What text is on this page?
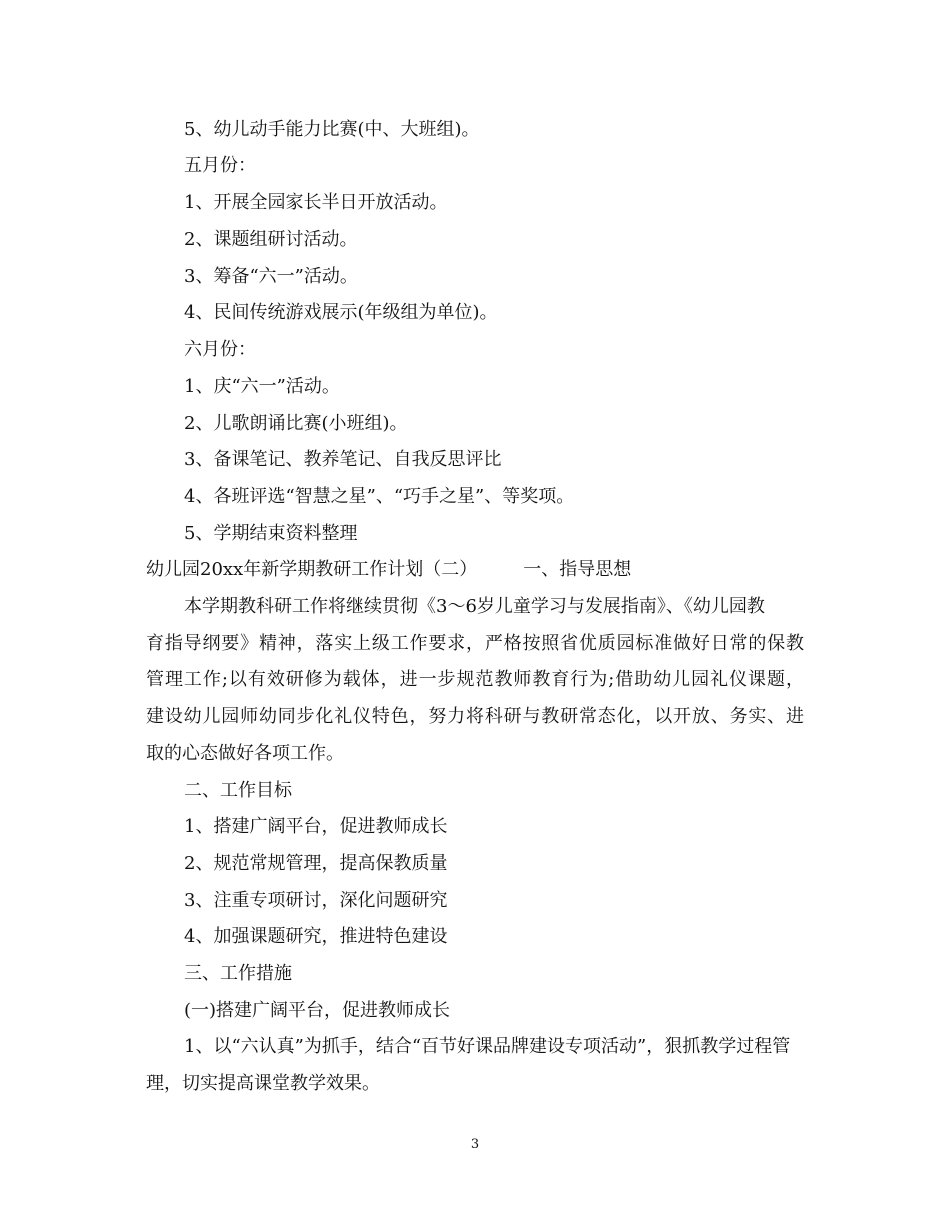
5、幼儿动手能力比赛(中、大班组)。

五月份：

1、开展全园家长半日开放活动。

2、课题组研讨活动。

3、筹备“六一”活动。

4、民间传统游戏展示(年级组为单位)。

六月份：

1、庆“六一”活动。

2、儿歌朗诵比赛(小班组)。

3、备课笔记、教养笔记、自我反思评比

4、各班评选“智慧之星”、“巧手之星”、等奖项。

5、学期结束资料整理

幼儿园20xx年新学期教研工作计划（二）	一、指导思想

本学期教科研工作将继续贯彻《3～6岁儿童学习与发展指南》、《幼儿园教

育指导纲要》精神，落实上级工作要求，严格按照省优质园标准做好日常的保教

管理工作;以有效研修为载体，进一步规范教师教育行为;借助幼儿园礼仪课题，

建设幼儿园师幼同步化礼仪特色，努力将科研与教研常态化，以开放、务实、进

取的心态做好各项工作。

二、工作目标

1、搭建广阔平台，促进教师成长

2、规范常规管理，提高保教质量

3、注重专项研讨，深化问题研究

4、加强课题研究，推进特色建设

三、工作措施

(一)搭建广阔平台，促进教师成长

1、以“六认真”为抓手，结合“百节好课品牌建设专项活动”，狠抓教学过程管

理，切实提高课堂教学效果。

3
